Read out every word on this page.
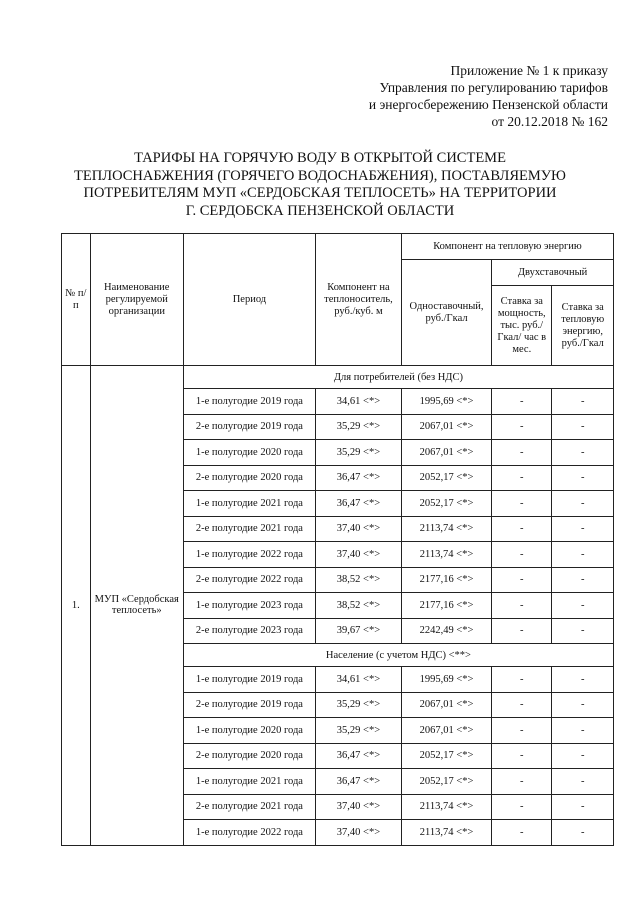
Приложение № 1 к приказу
Управления по регулированию тарифов
и энергосбережению Пензенской области
от 20.12.2018 № 162
ТАРИФЫ НА ГОРЯЧУЮ ВОДУ В ОТКРЫТОЙ СИСТЕМЕ
ТЕПЛОСНАБЖЕНИЯ (ГОРЯЧЕГО ВОДОСНАБЖЕНИЯ), ПОСТАВЛЯЕМУЮ
ПОТРЕБИТЕЛЯМ МУП «СЕРДОБСКАЯ ТЕПЛОСЕТЬ» НА ТЕРРИТОРИИ
Г. СЕРДОБСКА ПЕНЗЕНСКОЙ ОБЛАСТИ
№ п/п	Наименование регулируемой организации	Период	Компонент на теплоноситель, руб./куб. м	Компонент на тепловую энергию		
				Одноставочный, руб./Гкал	Двухставочный	
					Ставка за мощность, тыс. руб./Гкал/ час в мес.	Ставка за тепловую энергию, руб./Гкал
1.	МУП «Сердобская теплосеть»	Для потребителей (без НДС)				
		1-е полугодие 2019 года	34,61 <*>	1995,69 <*>	-	-
		2-е полугодие 2019 года	35,29 <*>	2067,01 <*>	-	-
		1-е полугодие 2020 года	35,29 <*>	2067,01 <*>	-	-
		2-е полугодие 2020 года	36,47 <*>	2052,17 <*>	-	-
		1-е полугодие 2021 года	36,47 <*>	2052,17 <*>	-	-
		2-е полугодие 2021 года	37,40 <*>	2113,74 <*>	-	-
		1-е полугодие 2022 года	37,40 <*>	2113,74 <*>	-	-
		2-е полугодие 2022 года	38,52 <*>	2177,16 <*>	-	-
		1-е полугодие 2023 года	38,52 <*>	2177,16 <*>	-	-
		2-е полугодие 2023 года	39,67 <*>	2242,49 <*>	-	-
		Население (с учетом НДС) <**>				
		1-е полугодие 2019 года	34,61 <*>	1995,69 <*>	-	-
		2-е полугодие 2019 года	35,29 <*>	2067,01 <*>	-	-
		1-е полугодие 2020 года	35,29 <*>	2067,01 <*>	-	-
		2-е полугодие 2020 года	36,47 <*>	2052,17 <*>	-	-
		1-е полугодие 2021 года	36,47 <*>	2052,17 <*>	-	-
		2-е полугодие 2021 года	37,40 <*>	2113,74 <*>	-	-
		1-е полугодие 2022 года	37,40 <*>	2113,74 <*>	-	-
